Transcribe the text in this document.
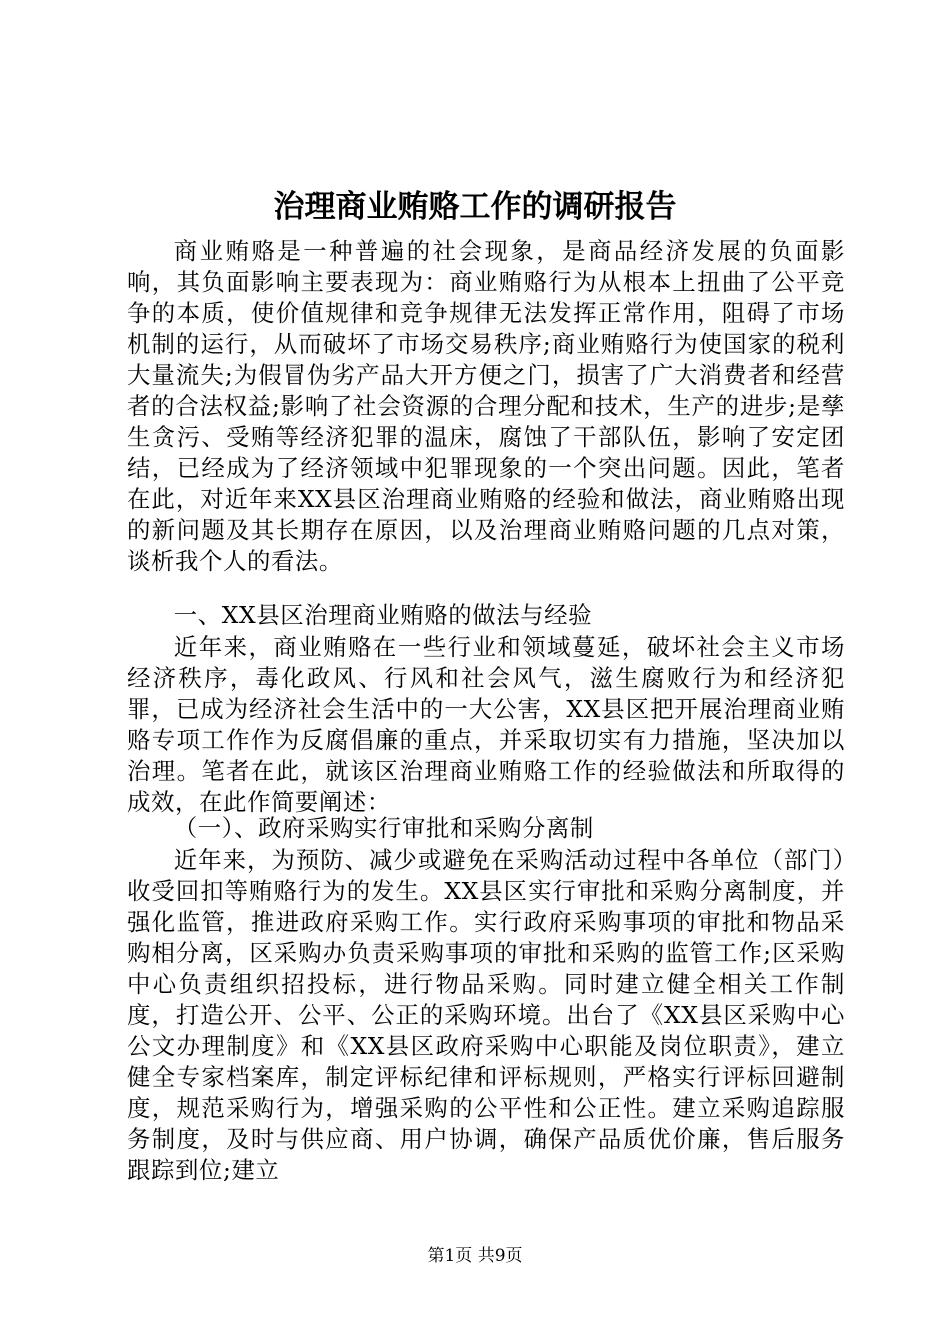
治理商业贿赂工作的调研报告

商业贿赂是一种普遍的社会现象，是商品经济发展的负面影响，其负面影响主要表现为：商业贿赂行为从根本上扭曲了公平竞争的本质，使价值规律和竞争规律无法发挥正常作用，阻碍了市场机制的运行，从而破坏了市场交易秩序;商业贿赂行为使国家的税利大量流失;为假冒伪劣产品大开方便之门，损害了广大消费者和经营者的合法权益;影响了社会资源的合理分配和技术，生产的进步;是孳生贪污、受贿等经济犯罪的温床，腐蚀了干部队伍，影响了安定团结，已经成为了经济领域中犯罪现象的一个突出问题。因此，笔者在此，对近年来XX县区治理商业贿赂的经验和做法，商业贿赂出现的新问题及其长期存在原因，以及治理商业贿赂问题的几点对策，谈析我个人的看法。

一、XX县区治理商业贿赂的做法与经验

近年来，商业贿赂在一些行业和领域蔓延，破坏社会主义市场经济秩序，毒化政风、行风和社会风气，滋生腐败行为和经济犯罪，已成为经济社会生活中的一大公害，XX县区把开展治理商业贿赂专项工作作为反腐倡廉的重点，并采取切实有力措施，坚决加以治理。笔者在此，就该区治理商业贿赂工作的经验做法和所取得的成效，在此作简要阐述：

（一）、政府采购实行审批和采购分离制

近年来，为预防、减少或避免在采购活动过程中各单位（部门）收受回扣等贿赂行为的发生。XX县区实行审批和采购分离制度，并强化监管，推进政府采购工作。实行政府采购事项的审批和物品采购相分离，区采购办负责采购事项的审批和采购的监管工作;区采购中心负责组织招投标，进行物品采购。同时建立健全相关工作制度，打造公开、公平、公正的采购环境。出台了《XX县区采购中心公文办理制度》和《XX县区政府采购中心职能及岗位职责》，建立健全专家档案库，制定评标纪律和评标规则，严格实行评标回避制度，规范采购行为，增强采购的公平性和公正性。建立采购追踪服务制度，及时与供应商、用户协调，确保产品质优价廉，售后服务跟踪到位;建立

第1页 共9页
